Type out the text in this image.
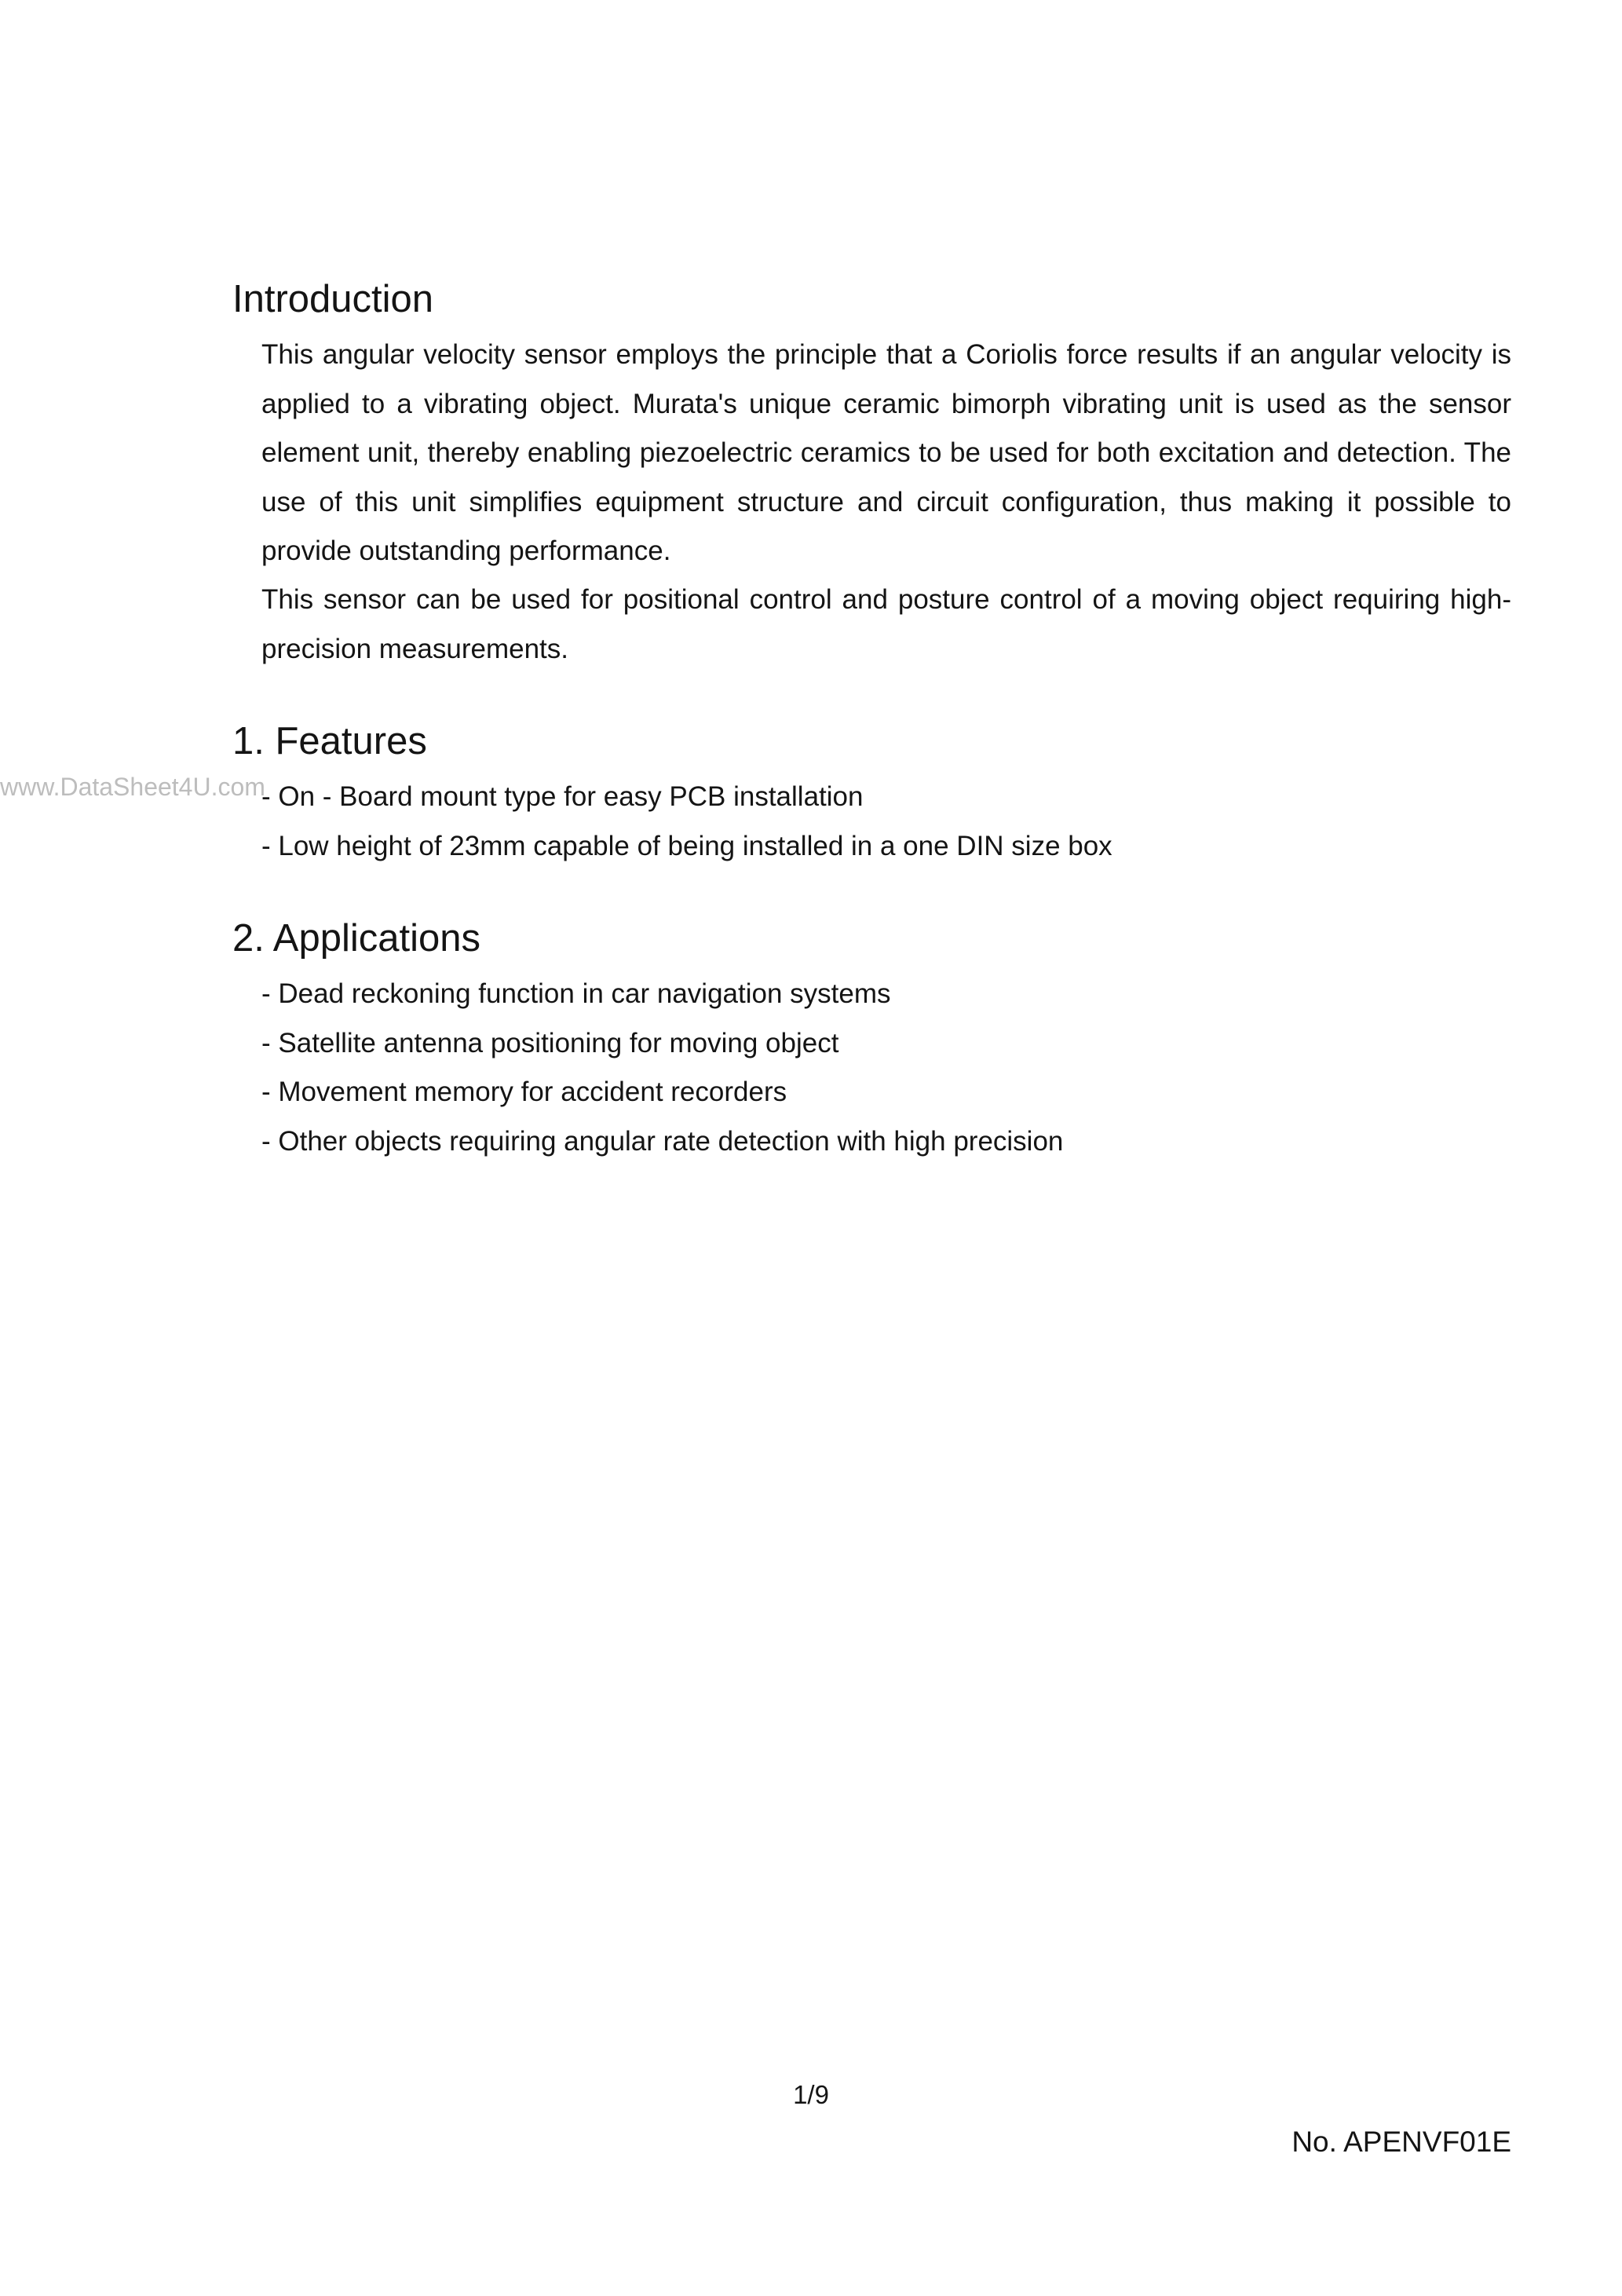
www.DataSheet4U.com
Introduction

This angular velocity sensor employs the principle that a Coriolis force results if an angular velocity is applied to a vibrating object. Murata's unique ceramic bimorph vibrating unit is used as the sensor element unit, thereby enabling piezoelectric ceramics to be used for both excitation and detection. The use of this unit simplifies equipment structure and circuit configuration, thus making it possible to provide outstanding performance.

This sensor can be used for positional control and posture control of a moving object requiring high-precision measurements.

1. Features
- On - Board mount type for easy PCB installation
- Low height of 23mm capable of being installed in a one DIN size box
2. Applications
- Dead reckoning function in car navigation systems
- Satellite antenna positioning for moving object
- Movement memory for accident recorders
- Other objects requiring angular rate detection with high precision
1/9
No. APENVF01E
